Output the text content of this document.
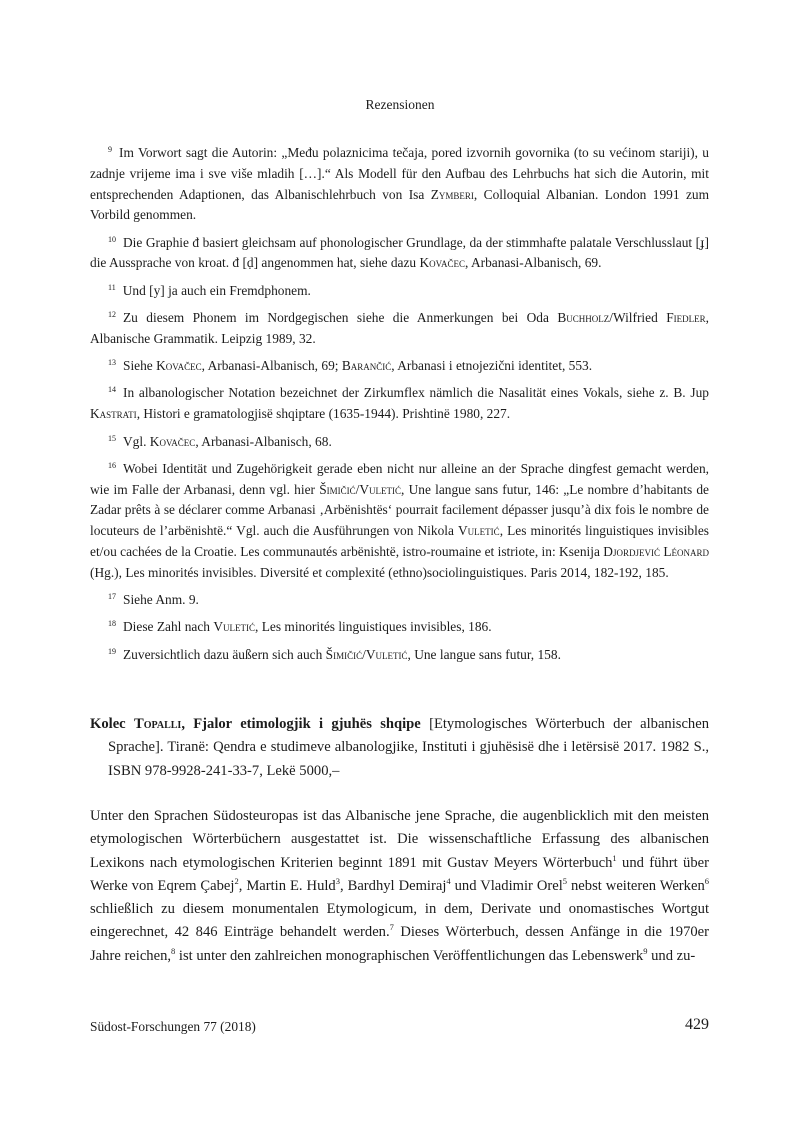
Rezensionen

$^9$ Im Vorwort sagt die Autorin: „Među polaznicima tečaja, pored izvornih govornika (to su većinom stariji), u zadnje vrijeme ima i sve više mladih […].“ Als Modell für den Aufbau des Lehrbuchs hat sich die Autorin, mit entsprechenden Adaptionen, das Albanischlehrbuch von Isa Zymberi, Colloquial Albanian. London 1991 zum Vorbild genommen.

$^{10}$ Die Graphie đ basiert gleichsam auf phonologischer Grundlage, da der stimmhafte palatale Verschlusslaut [ɟ] die Aussprache von kroat. đ [ḍ] angenommen hat, siehe dazu Kovačec, Arbanasi-Albanisch, 69.

$^{11}$ Und [y] ja auch ein Fremdphonem.

$^{12}$ Zu diesem Phonem im Nordgegischen siehe die Anmerkungen bei Oda Buchholz/Wilfried Fiedler, Albanische Grammatik. Leipzig 1989, 32.

$^{13}$ Siehe Kovačec, Arbanasi-Albanisch, 69; Barančić, Arbanasi i etnojezični identitet, 553.

$^{14}$ In albanologischer Notation bezeichnet der Zirkumflex nämlich die Nasalität eines Vokals, siehe z. B. Jup Kastrati, Histori e gramatologjisë shqiptare (1635-1944). Prishtinë 1980, 227.

$^{15}$ Vgl. Kovačec, Arbanasi-Albanisch, 68.

$^{16}$ Wobei Identität und Zugehörigkeit gerade eben nicht nur alleine an der Sprache dingfest gemacht werden, wie im Falle der Arbanasi, denn vgl. hier Šimičić/Vuletić, Une langue sans futur, 146: „Le nombre d’habitants de Zadar prêts à se déclarer comme Arbanasi ‚Arbënishtës‘ pourrait facilement dépasser jusqu’à dix fois le nombre de locuteurs de l’arbënishtë.“ Vgl. auch die Ausführungen von Nikola Vuletić, Les minorités linguistiques invisibles et/ou cachées de la Croatie. Les communautés arbënishtë, istro-roumaine et istriote, in: Ksenija Djordjević Léonard (Hg.), Les minorités invisibles. Diversité et complexité (ethno)sociolinguistiques. Paris 2014, 182-192, 185.

$^{17}$ Siehe Anm. 9.

$^{18}$ Diese Zahl nach Vuletić, Les minorités linguistiques invisibles, 186.

$^{19}$ Zuversichtlich dazu äußern sich auch Šimičić/Vuletić, Une langue sans futur, 158.

Kolec Topalli, Fjalor etimologjik i gjuhës shqipe [Etymologisches Wörterbuch der albanischen Sprache]. Tiranë: Qendra e studimeve albanologjike, Instituti i gjuhësisë dhe i letërsisë 2017. 1982 S., ISBN 978-9928-241-33-7, Lekë 5000,–

Unter den Sprachen Südosteuropas ist das Albanische jene Sprache, die augenblicklich mit den meisten etymologischen Wörterbüchern ausgestattet ist. Die wissenschaftliche Erfassung des albanischen Lexikons nach etymologischen Kriterien beginnt 1891 mit Gustav Meyers Wörterbuch$^1$ und führt über Werke von Eqrem Çabej$^2$, Martin E. Huld$^3$, Bardhyl Demiraj$^4$ und Vladimir Orel$^5$ nebst weiteren Werken$^6$ schließlich zu diesem monumentalen Etymologicum, in dem, Derivate und onomastisches Wortgut eingerechnet, 42 846 Einträge behandelt werden.$^7$ Dieses Wörterbuch, dessen Anfänge in die 1970er Jahre reichen,$^8$ ist unter den zahlreichen monographischen Veröffentlichungen das Lebenswerk$^9$ und zu-

Südost-Forschungen 77 (2018)	429
